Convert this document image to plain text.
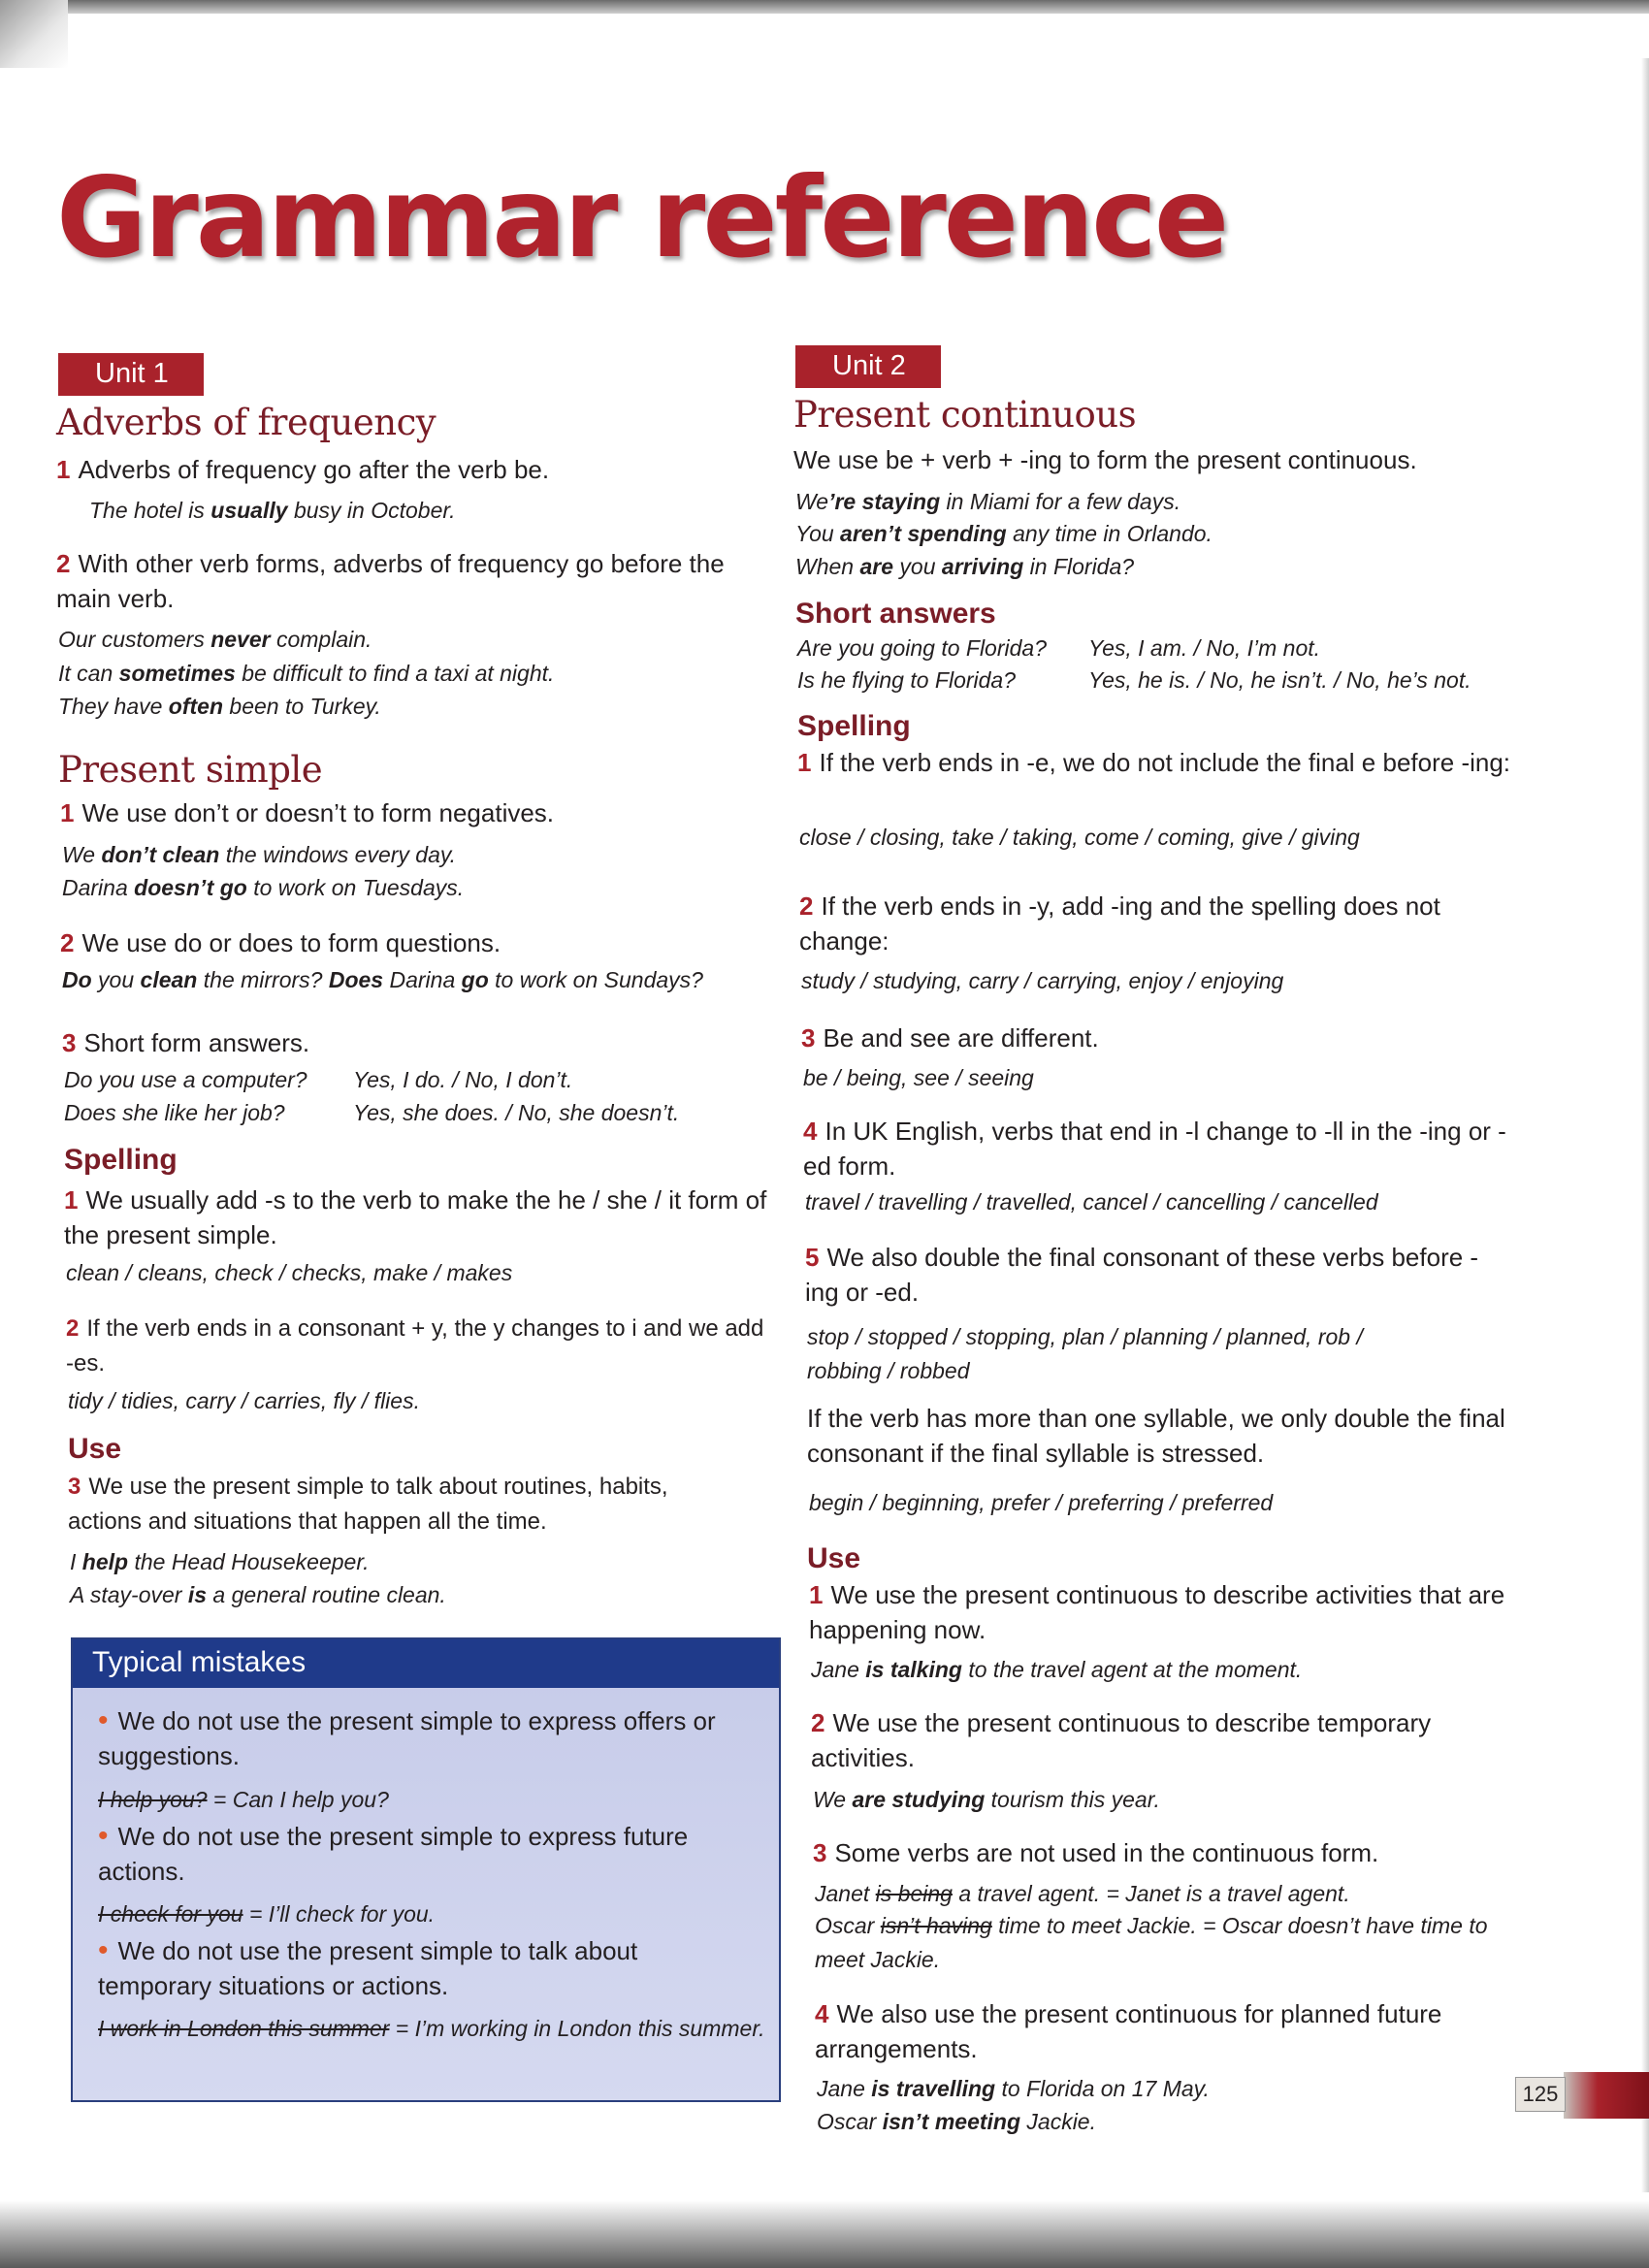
Grammar reference
Unit 1
Adverbs of frequency

1 Adverbs of frequency go after the verb be.

The hotel is usually busy in October.

2 With other verb forms, adverbs of frequency go before the main verb.

Our customers never complain.

It can sometimes be difficult to find a taxi at night.

They have often been to Turkey.

Present simple

1 We use don’t or doesn’t to form negatives.

We don’t clean the windows every day.

Darina doesn’t go to work on Tuesdays.

2 We use do or does to form questions.

Do you clean the mirrors? Does Darina go to work on Sundays?

3 Short form answers.

Do you use a computer? Yes, I do. / No, I don’t.

Does she like her job?	Yes, she does. / No, she doesn’t.

Spelling

1 We usually add -s to the verb to make the he / she / it form of the present simple.

clean / cleans, check / checks, make / makes

2 If the verb ends in a consonant + y, the y changes to i and we add -es.

tidy / tidies, carry / carries, fly / flies.

Use

3 We use the present simple to talk about routines, habits, actions and situations that happen all the time.

I help the Head Housekeeper.

A stay-over is a general routine clean.

Typical mistakes
• We do not use the present simple to express offers or suggestions.
I help you? = Can I help you?
• We do not use the present simple to express future actions.
I check for you = I’ll check for you.
• We do not use the present simple to talk about temporary situations or actions.
I work in London this summer = I’m working in London this summer.
Unit 2
Present continuous

We use be + verb + -ing to form the present continuous.

We’re staying in Miami for a few days.

You aren’t spending any time in Orlando.

When are you arriving in Florida?

Short answers

Are you going to Florida? Yes, I am. / No, I’m not.

Is he flying to Florida?	Yes, he is. / No, he isn’t. / No, he’s not.

Spelling

1 If the verb ends in -e, we do not include the final e before -ing:

close / closing, take / taking, come / coming, give / giving

2 If the verb ends in -y, add -ing and the spelling does not change:

study / studying, carry / carrying, enjoy / enjoying

3 Be and see are different.

be / being, see / seeing

4 In UK English, verbs that end in -l change to -ll in the -ing or -ed form.

travel / travelling / travelled, cancel / cancelling / cancelled

5 We also double the final consonant of these verbs before -ing or -ed.

stop / stopped / stopping, plan / planning / planned, rob / robbing / robbed

If the verb has more than one syllable, we only double the final consonant if the final syllable is stressed.

begin / beginning, prefer / preferring / preferred

Use

1 We use the present continuous to describe activities that are happening now.

Jane is talking to the travel agent at the moment.

2 We use the present continuous to describe temporary activities.

We are studying tourism this year.

3 Some verbs are not used in the continuous form.

Janet is being a travel agent. = Janet is a travel agent.

Oscar isn’t having time to meet Jackie. = Oscar doesn’t have time to meet Jackie.

4 We also use the present continuous for planned future arrangements.

Jane is travelling to Florida on 17 May.

Oscar isn’t meeting Jackie.

125
